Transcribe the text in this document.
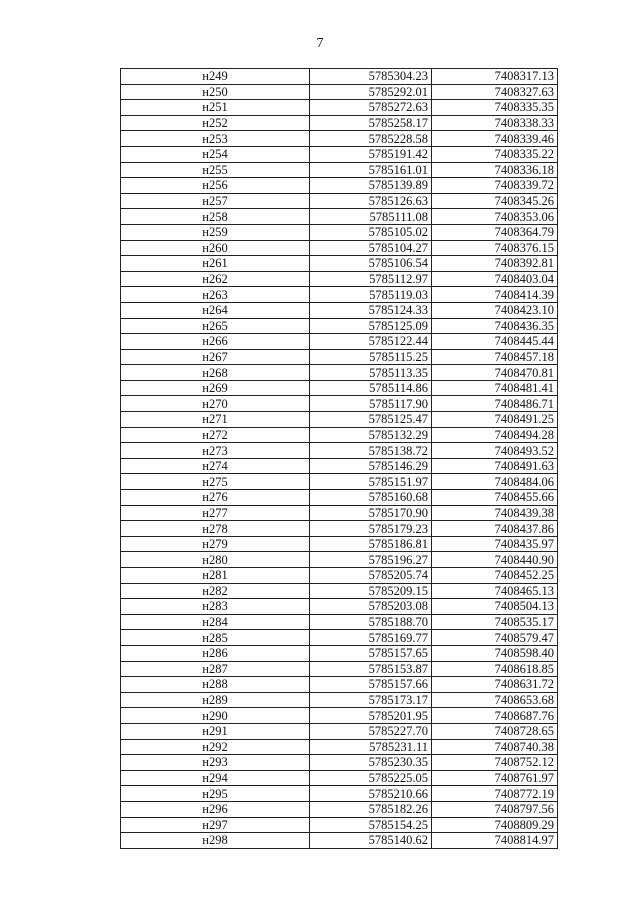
7
н249	5785304.23	7408317.13
н250	5785292.01	7408327.63
н251	5785272.63	7408335.35
н252	5785258.17	7408338.33
н253	5785228.58	7408339.46
н254	5785191.42	7408335.22
н255	5785161.01	7408336.18
н256	5785139.89	7408339.72
н257	5785126.63	7408345.26
н258	5785111.08	7408353.06
н259	5785105.02	7408364.79
н260	5785104.27	7408376.15
н261	5785106.54	7408392.81
н262	5785112.97	7408403.04
н263	5785119.03	7408414.39
н264	5785124.33	7408423.10
н265	5785125.09	7408436.35
н266	5785122.44	7408445.44
н267	5785115.25	7408457.18
н268	5785113.35	7408470.81
н269	5785114.86	7408481.41
н270	5785117.90	7408486.71
н271	5785125.47	7408491.25
н272	5785132.29	7408494.28
н273	5785138.72	7408493.52
н274	5785146.29	7408491.63
н275	5785151.97	7408484.06
н276	5785160.68	7408455.66
н277	5785170.90	7408439.38
н278	5785179.23	7408437.86
н279	5785186.81	7408435.97
н280	5785196.27	7408440.90
н281	5785205.74	7408452.25
н282	5785209.15	7408465.13
н283	5785203.08	7408504.13
н284	5785188.70	7408535.17
н285	5785169.77	7408579.47
н286	5785157.65	7408598.40
н287	5785153.87	7408618.85
н288	5785157.66	7408631.72
н289	5785173.17	7408653.68
н290	5785201.95	7408687.76
н291	5785227.70	7408728.65
н292	5785231.11	7408740.38
н293	5785230.35	7408752.12
н294	5785225.05	7408761.97
н295	5785210.66	7408772.19
н296	5785182.26	7408797.56
н297	5785154.25	7408809.29
н298	5785140.62	7408814.97
